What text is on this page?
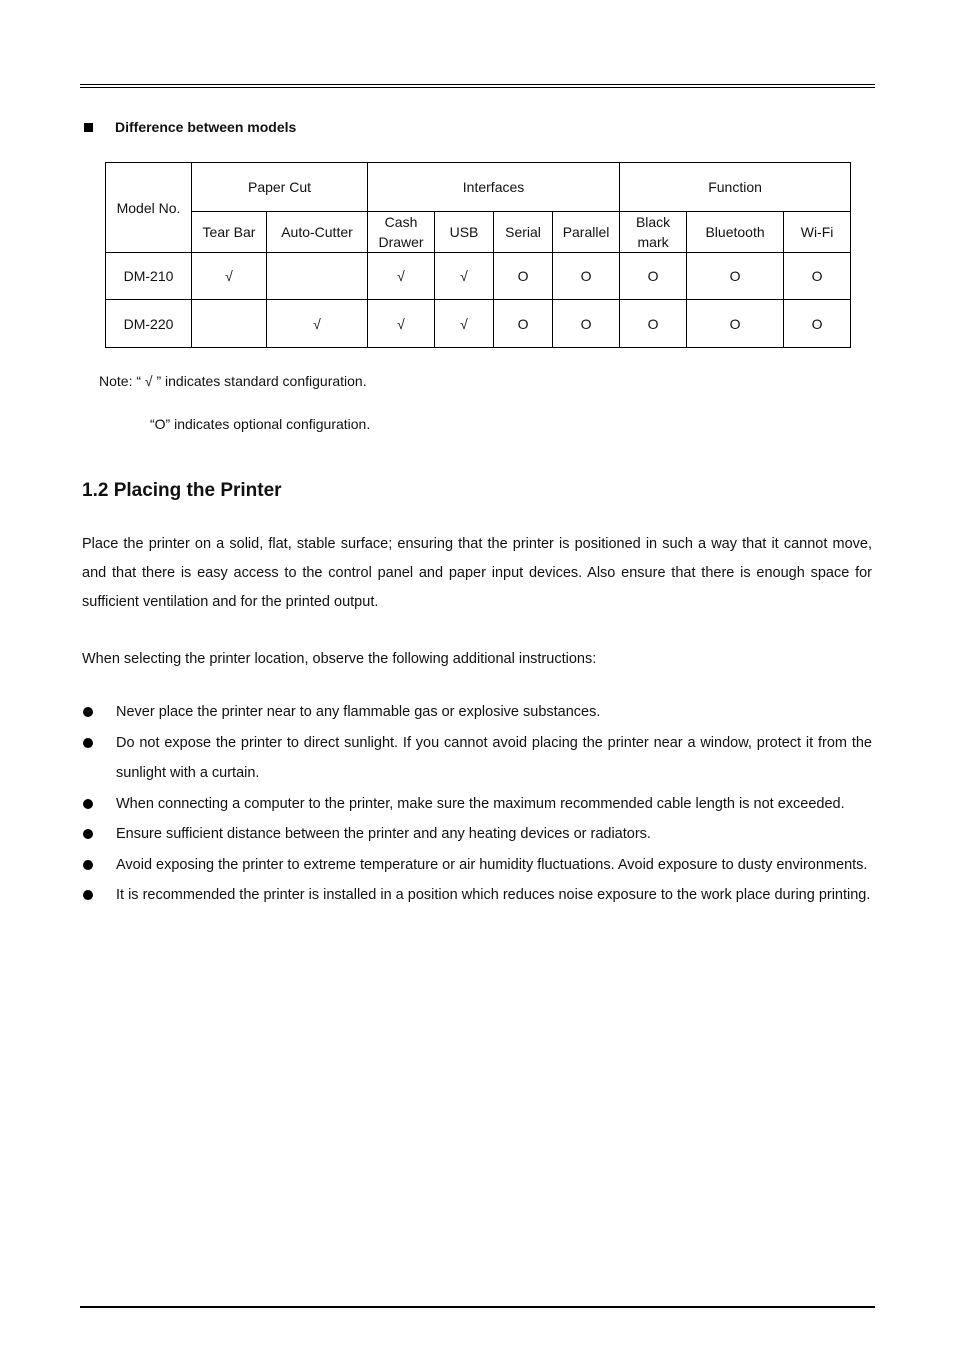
Difference between models
Model No.	Paper Cut		Interfaces				Function		
	Tear Bar	Auto-Cutter	Cash Drawer	USB	Serial	Parallel	Black mark	Bluetooth	Wi-Fi
DM-210	√		√	√	O	O	O	O	O
DM-220		√	√	√	O	O	O	O	O
Note: “ √ ” indicates standard configuration.
“O” indicates optional configuration.
1.2 Placing the Printer
Place the printer on a solid, flat, stable surface; ensuring that the printer is positioned in such a way that it cannot move, and that there is easy access to the control panel and paper input devices. Also ensure that there is enough space for sufficient ventilation and for the printed output.
When selecting the printer location, observe the following additional instructions:
Never place the printer near to any flammable gas or explosive substances.
Do not expose the printer to direct sunlight. If you cannot avoid placing the printer near a window, protect it from the sunlight with a curtain.
When connecting a computer to the printer, make sure the maximum recommended cable length is not exceeded.
Ensure sufficient distance between the printer and any heating devices or radiators.
Avoid exposing the printer to extreme temperature or air humidity fluctuations. Avoid exposure to dusty environments.
It is recommended the printer is installed in a position which reduces noise exposure to the work place during printing.
